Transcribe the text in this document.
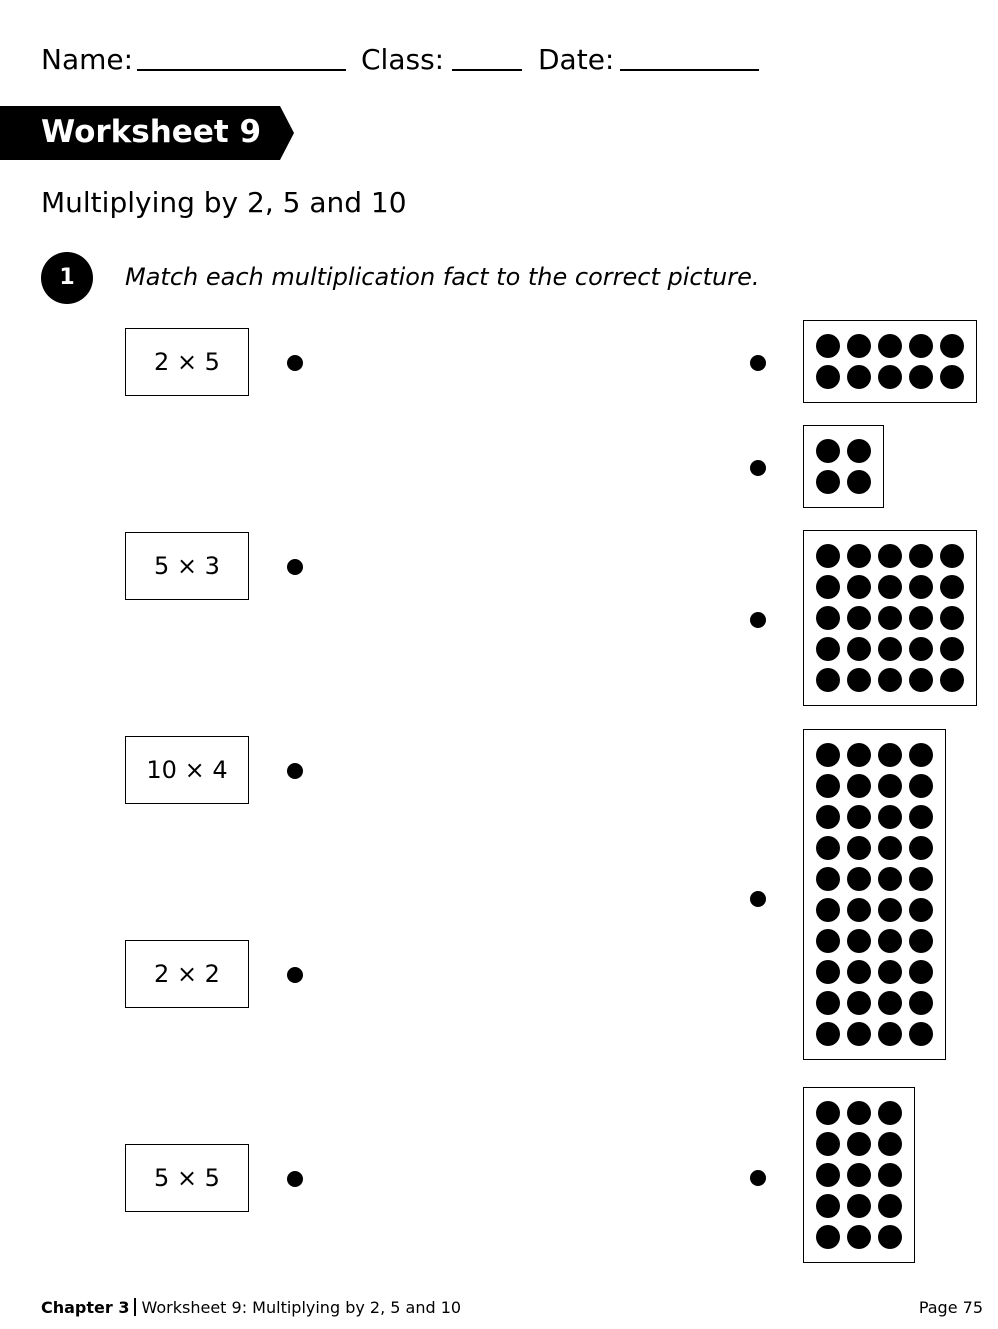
Name:	Class:	Date:
Worksheet 9
Multiplying by 2, 5 and 10
1	Match each multiplication fact to the correct picture.
2 × 5
5 × 3
10 × 4
2 × 2
5 × 5
Chapter 3 Worksheet 9: Multiplying by 2, 5 and 10	Page 75
